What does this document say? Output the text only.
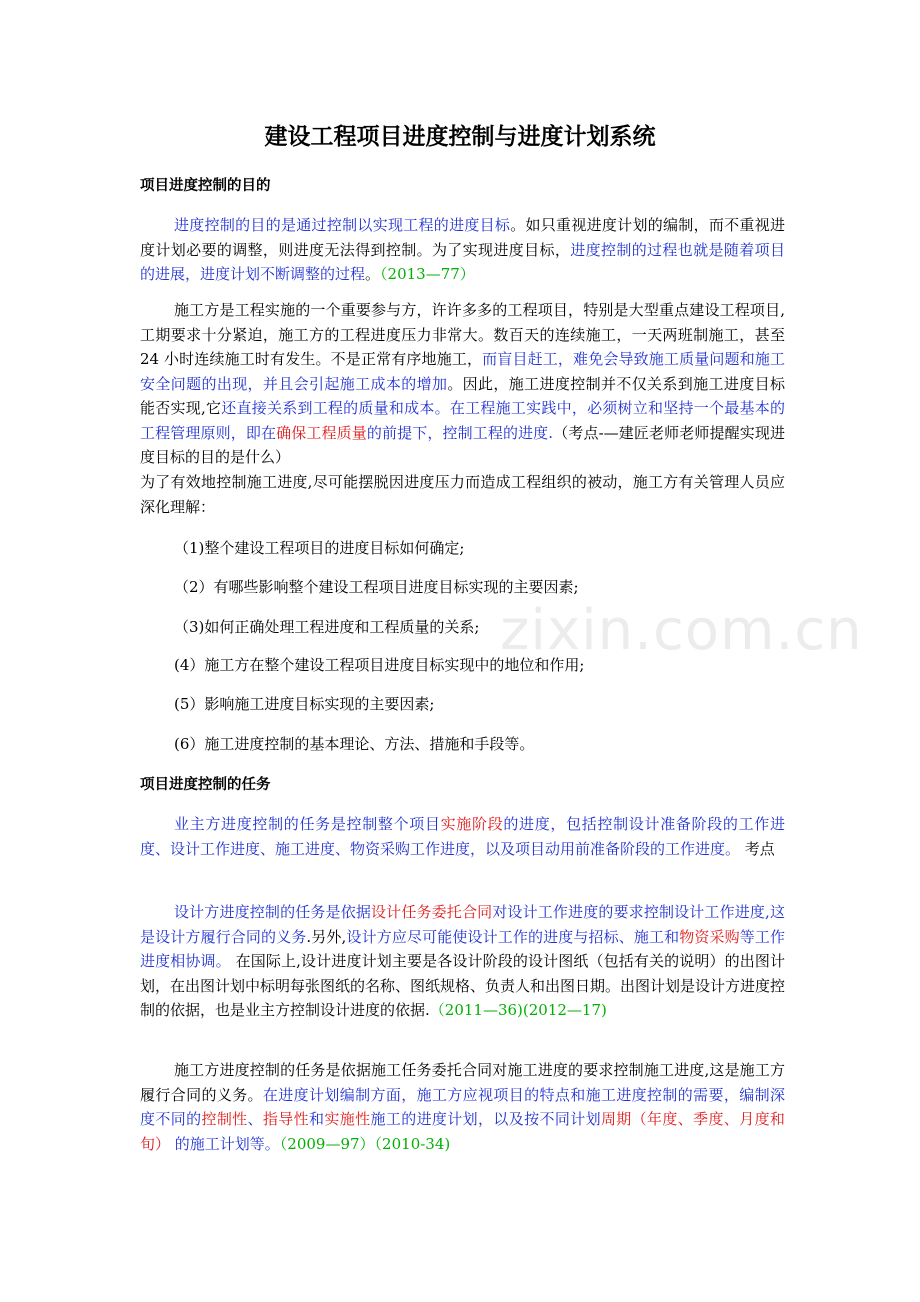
建设工程项目进度控制与进度计划系统
项目进度控制的目的

进度控制的目的是通过控制以实现工程的进度目标。如只重视进度计划的编制，而不重视进度计划必要的调整，则进度无法得到控制。为了实现进度目标，进度控制的过程也就是随着项目的进展，进度计划不断调整的过程。（2013—77）

施工方是工程实施的一个重要参与方，许许多多的工程项目，特别是大型重点建设工程项目,工期要求十分紧迫，施工方的工程进度压力非常大。数百天的连续施工，一天两班制施工，甚至 24 小时连续施工时有发生。不是正常有序地施工，而盲目赶工，难免会导致施工质量问题和施工安全问题的出现，并且会引起施工成本的增加。因此，施工进度控制并不仅关系到施工进度目标能否实现,它还直接关系到工程的质量和成本。在工程施工实践中，必须树立和坚持一个最基本的工程管理原则，即在确保工程质量的前提下，控制工程的进度.（考点-—建匠老师老师提醒实现进度目标的目的是什么）

为了有效地控制施工进度,尽可能摆脱因进度压力而造成工程组织的被动，施工方有关管理人员应 深化理解：

（1)整个建设工程项目的进度目标如何确定;

（2）有哪些影响整个建设工程项目进度目标实现的主要因素;

（3)如何正确处理工程进度和工程质量的关系;

(4）施工方在整个建设工程项目进度目标实现中的地位和作用;

(5）影响施工进度目标实现的主要因素;

(6）施工进度控制的基本理论、方法、措施和手段等。

项目进度控制的任务

业主方进度控制的任务是控制整个项目实施阶段的进度，包括控制设计准备阶段的工作进度、设计工作进度、施工进度、物资采购工作进度，以及项目动用前准备阶段的工作进度。 考点

设计方进度控制的任务是依据设计任务委托合同对设计工作进度的要求控制设计工作进度,这是设计方履行合同的义务.另外,设计方应尽可能使设计工作的进度与招标、施工和物资采购等工作进度相协调。 在国际上,设计进度计划主要是各设计阶段的设计图纸（包括有关的说明）的出图计划，在出图计划中标明每张图纸的名称、图纸规格、负责人和出图日期。出图计划是设计方进度控制的依据，也是业主方控制设计进度的依据.（2011—36)(2012—17)

施工方进度控制的任务是依据施工任务委托合同对施工进度的要求控制施工进度,这是施工方履行合同的义务。在进度计划编制方面，施工方应视项目的特点和施工进度控制的需要，编制深度不同的控制性、指导性和实施性施工的进度计划，以及按不同计划周期（年度、季度、月度和旬） 的施工计划等。（2009—97）（2010-34)

zixin.com.cn
